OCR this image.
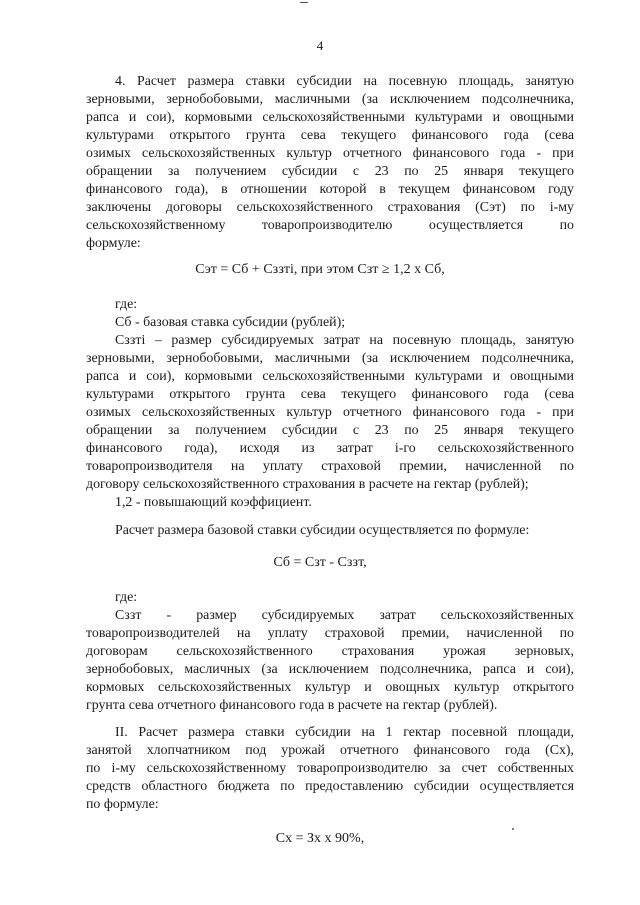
4
4. Расчет размера ставки субсидии на посевную площадь, занятую
зерновыми, зернобобовыми, масличными (за исключением подсолнечника,
рапса и сои), кормовыми сельскохозяйственными культурами и овощными
культурами открытого грунта сева текущего финансового года (сева
озимых сельскохозяйственных культур отчетного финансового года - при
обращении за получением субсидии с 23 по 25 января текущего
финансового года), в отношении которой в текущем финансовом году
заключены договоры сельскохозяйственного страхования (Сэт) по i-му
сельскохозяйственному товаропроизводителю осуществляется по
формуле:
Сэт = Сб + Сззтi, при этом Сзт ≥ 1,2 х Сб,
где:
Сб - базовая ставка субсидии (рублей);
Сззтi – размер субсидируемых затрат на посевную площадь, занятую
зерновыми, зернобобовыми, масличными (за исключением подсолнечника,
рапса и сои), кормовыми сельскохозяйственными культурами и овощными
культурами открытого грунта сева текущего финансового года (сева
озимых сельскохозяйственных культур отчетного финансового года - при
обращении за получением субсидии с 23 по 25 января текущего
финансового года), исходя из затрат i-го сельскохозяйственного
товаропроизводителя на уплату страховой премии, начисленной по
договору сельскохозяйственного страхования в расчете на гектар (рублей);
1,2 - повышающий коэффициент.
Расчет размера базовой ставки субсидии осуществляется по формуле:
Сб = Сзт - Сззт,
где:
Сззт - размер субсидируемых затрат сельскохозяйственных
товаропроизводителей на уплату страховой премии, начисленной по
договорам сельскохозяйственного страхования урожая зерновых,
зернобобовых, масличных (за исключением подсолнечника, рапса и сои),
кормовых сельскохозяйственных культур и овощных культур открытого
грунта сева отчетного финансового года в расчете на гектар (рублей).
II. Расчет размера ставки субсидии на 1 гектар посевной площади,
занятой хлопчатником под урожай отчетного финансового года (Сх),
по i-му сельскохозяйственному товаропроизводителю за счет собственных
средств областного бюджета по предоставлению субсидии осуществляется
по формуле:
Сх = Зх х 90%,
